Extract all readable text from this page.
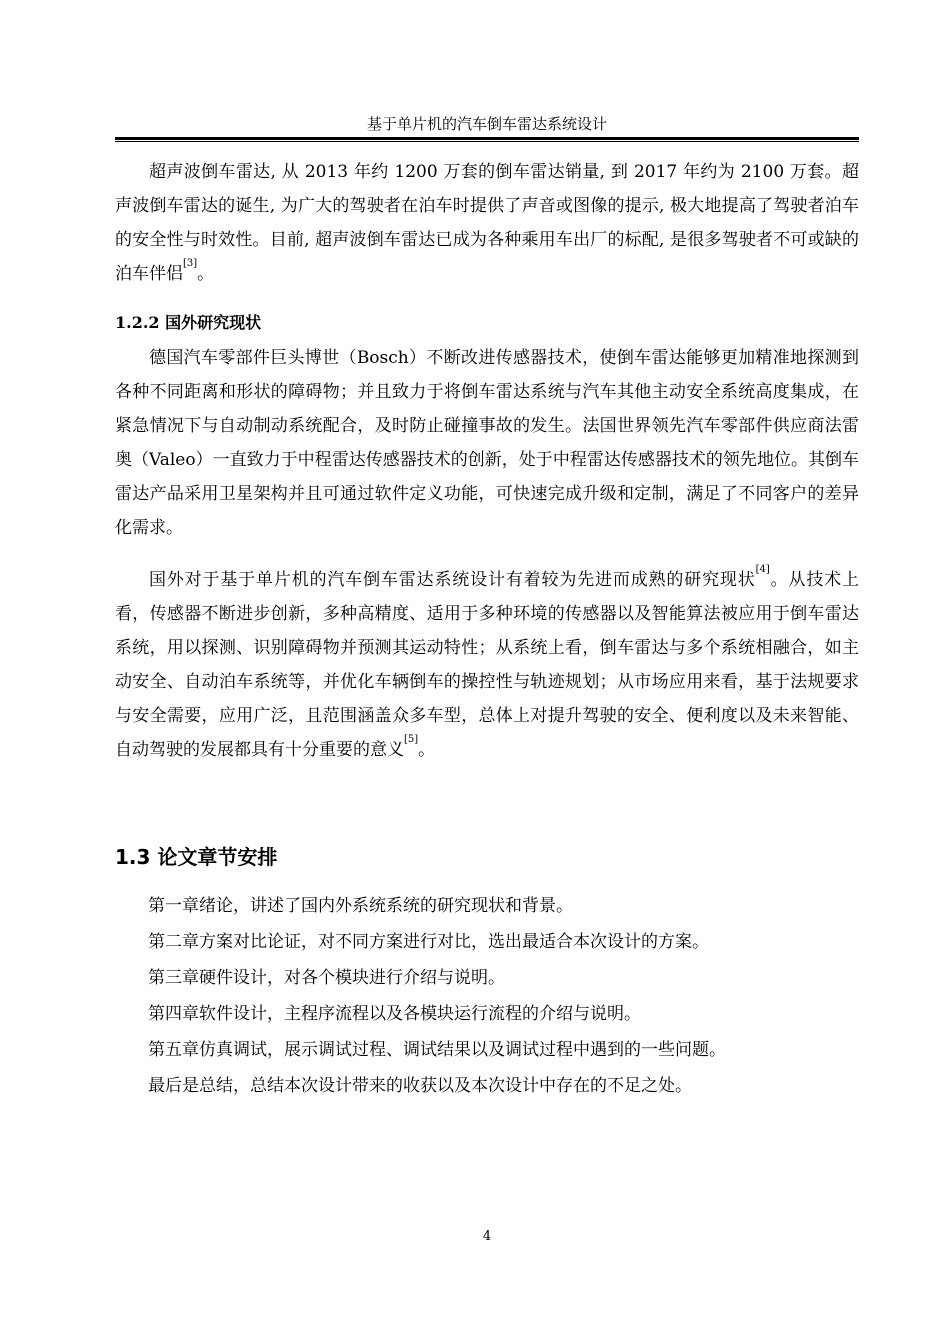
基于单片机的汽车倒车雷达系统设计

超声波倒车雷达, 从 2013 年约 1200 万套的倒车雷达销量, 到 2017 年约为 2100 万套。超声波倒车雷达的诞生, 为广大的驾驶者在泊车时提供了声音或图像的提示, 极大地提高了驾驶者泊车的安全性与时效性。目前, 超声波倒车雷达已成为各种乘用车出厂的标配, 是很多驾驶者不可或缺的泊车伴侣[3]。

1.2.2 国外研究现状

德国汽车零部件巨头博世（Bosch）不断改进传感器技术，使倒车雷达能够更加精准地探测到各种不同距离和形状的障碍物；并且致力于将倒车雷达系统与汽车其他主动安全系统高度集成，在紧急情况下与自动制动系统配合，及时防止碰撞事故的发生。法国世界领先汽车零部件供应商法雷奥（Valeo）一直致力于中程雷达传感器技术的创新，处于中程雷达传感器技术的领先地位。其倒车雷达产品采用卫星架构并且可通过软件定义功能，可快速完成升级和定制，满足了不同客户的差异化需求。

国外对于基于单片机的汽车倒车雷达系统设计有着较为先进而成熟的研究现状[4]。从技术上看，传感器不断进步创新，多种高精度、适用于多种环境的传感器以及智能算法被应用于倒车雷达系统，用以探测、识别障碍物并预测其运动特性；从系统上看，倒车雷达与多个系统相融合，如主动安全、自动泊车系统等，并优化车辆倒车的操控性与轨迹规划；从市场应用来看，基于法规要求与安全需要，应用广泛，且范围涵盖众多车型，总体上对提升驾驶的安全、便利度以及未来智能、自动驾驶的发展都具有十分重要的意义[5]。

1.3 论文章节安排

第一章绪论，讲述了国内外系统系统的研究现状和背景。

第二章方案对比论证，对不同方案进行对比，选出最适合本次设计的方案。

第三章硬件设计，对各个模块进行介绍与说明。

第四章软件设计，主程序流程以及各模块运行流程的介绍与说明。

第五章仿真调试，展示调试过程、调试结果以及调试过程中遇到的一些问题。

最后是总结，总结本次设计带来的收获以及本次设计中存在的不足之处。

4
